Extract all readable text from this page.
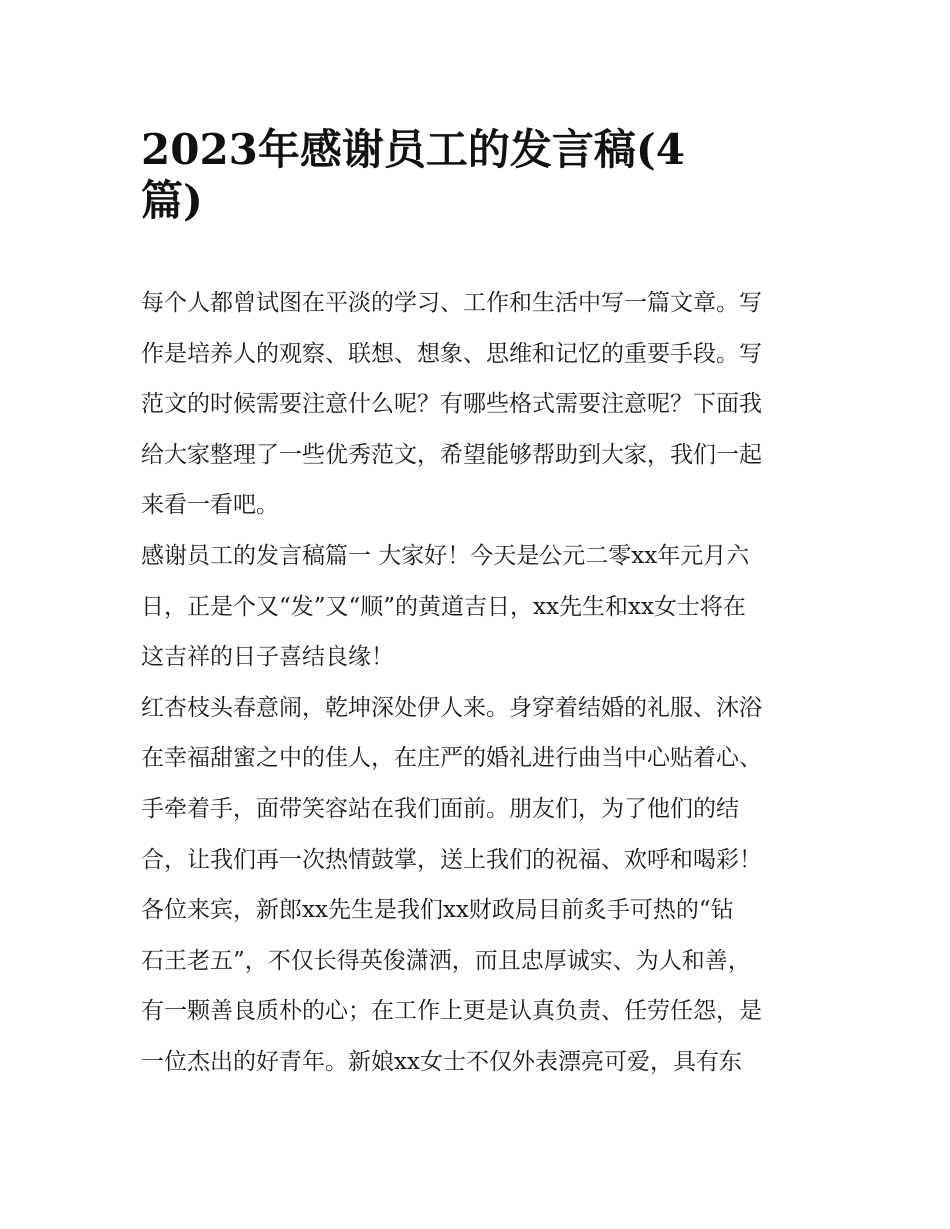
2023年感谢员工的发言稿(4
篇)
每个人都曾试图在平淡的学习、工作和生活中写一篇文章。写
作是培养人的观察、联想、想象、思维和记忆的重要手段。写
范文的时候需要注意什么呢？有哪些格式需要注意呢？下面我
给大家整理了一些优秀范文，希望能够帮助到大家，我们一起
来看一看吧。
感谢员工的发言稿篇一 大家好！今天是公元二零xx年元月六
日，正是个又“发”又“顺”的黄道吉日，xx先生和xx女士将在
这吉祥的日子喜结良缘！
红杏枝头春意闹，乾坤深处伊人来。身穿着结婚的礼服、沐浴
在幸福甜蜜之中的佳人，在庄严的婚礼进行曲当中心贴着心、
手牵着手，面带笑容站在我们面前。朋友们，为了他们的结
合，让我们再一次热情鼓掌，送上我们的祝福、欢呼和喝彩！
各位来宾，新郎xx先生是我们xx财政局目前炙手可热的“钻
石王老五”，不仅长得英俊潇洒，而且忠厚诚实、为人和善，
有一颗善良质朴的心；在工作上更是认真负责、任劳任怨，是
一位杰出的好青年。新娘xx女士不仅外表漂亮可爱，具有东
